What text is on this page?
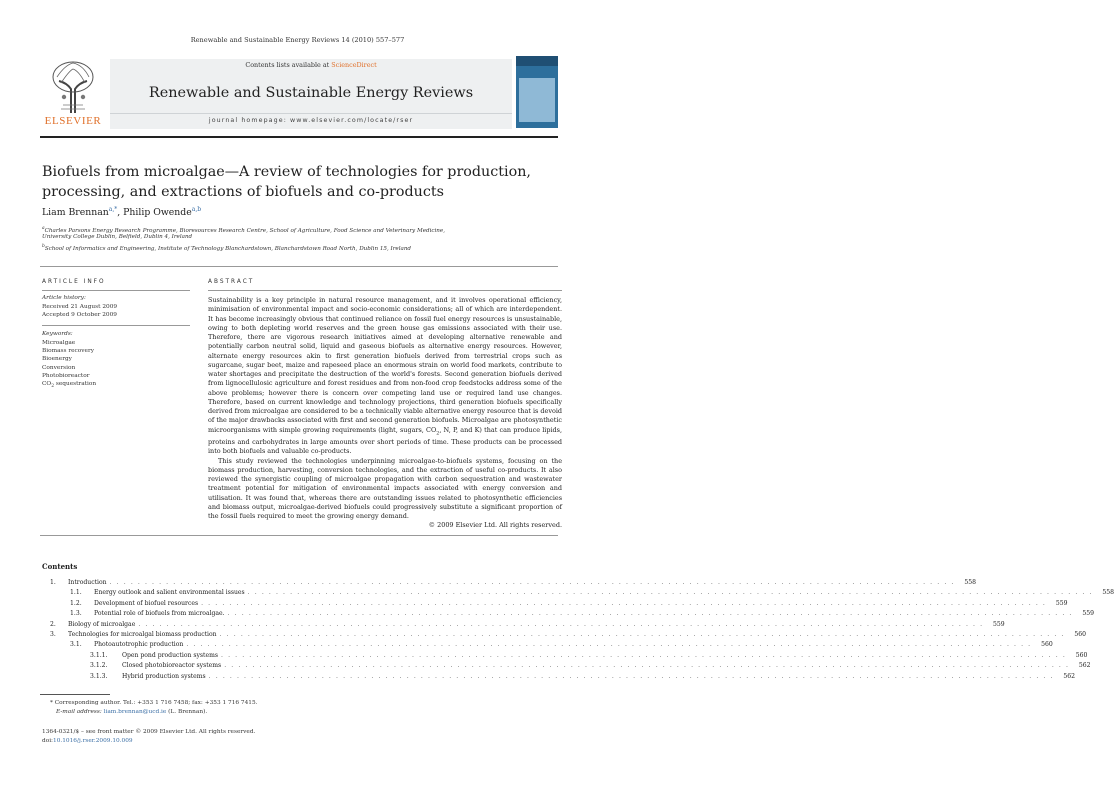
Renewable and Sustainable Energy Reviews 14 (2010) 557–577
ELSEVIER
Contents lists available at ScienceDirect
Renewable and Sustainable Energy Reviews
journal homepage: www.elsevier.com/locate/rser
Biofuels from microalgae—A review of technologies for production,
processing, and extractions of biofuels and co-products
Liam Brennan$^{a,*}$, Philip Owende$^{a,b}$
$^a$Charles Parsons Energy Research Programme, Bioresources Research Centre, School of Agriculture, Food Science and Veterinary Medicine,
University College Dublin, Belfield, Dublin 4, Ireland
$^b$School of Informatics and Engineering, Institute of Technology Blanchardstown, Blanchardstown Road North, Dublin 15, Ireland
ARTICLE INFO
Article history:
Received 21 August 2009
Accepted 9 October 2009
Keywords:
Microalgae
Biomass recovery
Bioenergy
Conversion
Photobioreactor
$CO_2$ sequestration
ABSTRACT

Sustainability is a key principle in natural resource management, and it involves operational efficiency, minimisation of environmental impact and socio-economic considerations; all of which are interdependent. It has become increasingly obvious that continued reliance on fossil fuel energy resources is unsustainable, owing to both depleting world reserves and the green house gas emissions associated with their use. Therefore, there are vigorous research initiatives aimed at developing alternative renewable and potentially carbon neutral solid, liquid and gaseous biofuels as alternative energy resources. However, alternate energy resources akin to first generation biofuels derived from terrestrial crops such as sugarcane, sugar beet, maize and rapeseed place an enormous strain on world food markets, contribute to water shortages and precipitate the destruction of the world's forests. Second generation biofuels derived from lignocellulosic agriculture and forest residues and from non-food crop feedstocks address some of the above problems; however there is concern over competing land use or required land use changes. Therefore, based on current knowledge and technology projections, third generation biofuels specifically derived from microalgae are considered to be a technically viable alternative energy resource that is devoid of the major drawbacks associated with first and second generation biofuels. Microalgae are photosynthetic microorganisms with simple growing requirements (light, sugars, $CO_2$, N, P, and K) that can produce lipids, proteins and carbohydrates in large amounts over short periods of time. These products can be processed into both biofuels and valuable co-products.

This study reviewed the technologies underpinning microalgae-to-biofuels systems, focusing on the biomass production, harvesting, conversion technologies, and the extraction of useful co-products. It also reviewed the synergistic coupling of microalgae propagation with carbon sequestration and wastewater treatment potential for mitigation of environmental impacts associated with energy conversion and utilisation. It was found that, whereas there are outstanding issues related to photosynthetic efficiencies and biomass output, microalgae-derived biofuels could progressively substitute a significant proportion of the fossil fuels required to meet the growing energy demand.

© 2009 Elsevier Ltd. All rights reserved.

Contents
1.	Introduction . . . . . . . . . . . . . . . . . . . . . . . . . . . . . . . . . . . . . . . . . . . . . . . . . . . . . . . . . . . . . . . . . . . . . . . . . . . . . . . . . . . . . . . . . . . . . . . . . . . . . . . . . . . . . . . . . . . . . . . .	558
1.1.	Energy outlook and salient environmental issues . . . . . . . . . . . . . . . . . . . . . . . . . . . . . . . . . . . . . . . . . . . . . . . . . . . . . . . . . . . . . . . . . . . . . . . . . . . . . . . . . . . . . . . . . . . . . . . . . . . . . . . . . . . . . . . . . . . . . . . .	558
1.2.	Development of biofuel resources . . . . . . . . . . . . . . . . . . . . . . . . . . . . . . . . . . . . . . . . . . . . . . . . . . . . . . . . . . . . . . . . . . . . . . . . . . . . . . . . . . . . . . . . . . . . . . . . . . . . . . . . . . . . . . . . . . . . . . . .	559
1.3.	Potential role of biofuels from microalgae. . . . . . . . . . . . . . . . . . . . . . . . . . . . . . . . . . . . . . . . . . . . . . . . . . . . . . . . . . . . . . . . . . . . . . . . . . . . . . . . . . . . . . . . . . . . . . . . . . . . . . . . . . . . . . . . . . . . . . . . .	559
2.	Biology of microalgae . . . . . . . . . . . . . . . . . . . . . . . . . . . . . . . . . . . . . . . . . . . . . . . . . . . . . . . . . . . . . . . . . . . . . . . . . . . . . . . . . . . . . . . . . . . . . . . . . . . . . . . . . . . . . . . . . . . . . . . .	559
3.	Technologies for microalgal biomass production . . . . . . . . . . . . . . . . . . . . . . . . . . . . . . . . . . . . . . . . . . . . . . . . . . . . . . . . . . . . . . . . . . . . . . . . . . . . . . . . . . . . . . . . . . . . . . . . . . . . . . . . . . . . . . . . . . . . . . . .	560
3.1.	Photoautotrophic production . . . . . . . . . . . . . . . . . . . . . . . . . . . . . . . . . . . . . . . . . . . . . . . . . . . . . . . . . . . . . . . . . . . . . . . . . . . . . . . . . . . . . . . . . . . . . . . . . . . . . . . . . . . . . . . . . . . . . . . .	560
3.1.1.	Open pond production systems . . . . . . . . . . . . . . . . . . . . . . . . . . . . . . . . . . . . . . . . . . . . . . . . . . . . . . . . . . . . . . . . . . . . . . . . . . . . . . . . . . . . . . . . . . . . . . . . . . . . . . . . . . . . . . . . . . . . . . . .	560
3.1.2.	Closed photobioreactor systems . . . . . . . . . . . . . . . . . . . . . . . . . . . . . . . . . . . . . . . . . . . . . . . . . . . . . . . . . . . . . . . . . . . . . . . . . . . . . . . . . . . . . . . . . . . . . . . . . . . . . . . . . . . . . . . . . . . . . . . .	562
3.1.3.	Hybrid production systems . . . . . . . . . . . . . . . . . . . . . . . . . . . . . . . . . . . . . . . . . . . . . . . . . . . . . . . . . . . . . . . . . . . . . . . . . . . . . . . . . . . . . . . . . . . . . . . . . . . . . . . . . . . . . . . . . . . . . . . .	562
* Corresponding author. Tel.: +353 1 716 7458; fax: +353 1 716 7415.
E-mail address: liam.brennan@ucd.ie (L. Brennan).
1364-0321/$ – see front matter © 2009 Elsevier Ltd. All rights reserved.
doi:10.1016/j.rser.2009.10.009
